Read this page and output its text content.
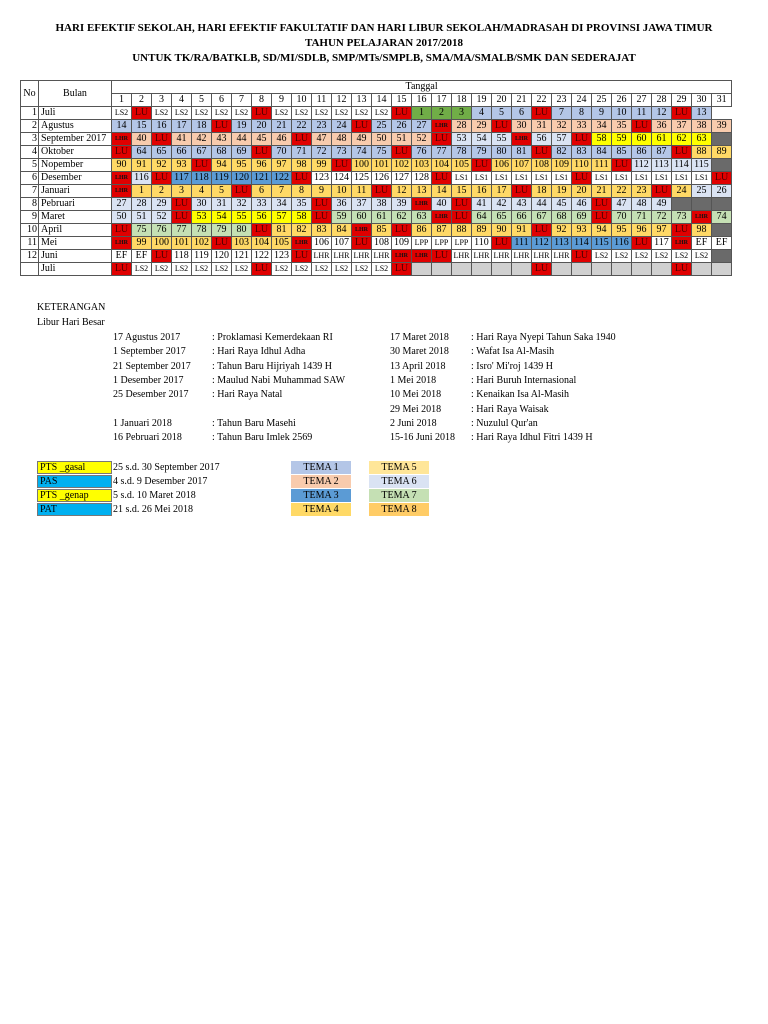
HARI EFEKTIF SEKOLAH, HARI EFEKTIF FAKULTATIF DAN HARI LIBUR SEKOLAH/MADRASAH DI PROVINSI JAWA TIMUR
TAHUN PELAJARAN 2017/2018
UNTUK TK/RA/BATKLB, SD/MI/SDLB, SMP/MTs/SMPLB, SMA/MA/SMALB/SMK DAN SEDERAJAT
No	Bulan	Tanggal																														
		1	2	3	4	5	6	7	8	9	10	11	12	13	14	15	16	17	18	19	20	21	22	23	24	25	26	27	28	29	30	31
1	Juli	LS2	LU	LS2	LS2	LS2	LS2	LS2	LU	LS2	LS2	LS2	LS2	LS2	LS2	LU	1	2	3	4	5	6	LU	7	8	9	10	11	12	LU	13	
2	Agustus	14	15	16	17	18	LU	19	20	21	22	23	24	LU	25	26	27	LHR	28	29	LU	30	31	32	33	34	35	LU	36	37	38	39
3	September 2017	LHR	40	LU	41	42	43	44	45	46	LU	47	48	49	50	51	52	LU	53	54	55	LHR	56	57	LU	58	59	60	61	62	63	
4	Oktober	LU	64	65	66	67	68	69	LU	70	71	72	73	74	75	LU	76	77	78	79	80	81	LU	82	83	84	85	86	87	LU	88	89
5	Nopember	90	91	92	93	LU	94	95	96	97	98	99	LU	100	101	102	103	104	105	LU	106	107	108	109	110	111	LU	112	113	114	115	
6	Desember	LHR	116	LU	117	118	119	120	121	122	LU	123	124	125	126	127	128	LU	LS1	LS1	LS1	LS1	LS1	LS1	LU	LS1	LS1	LS1	LS1	LS1	LS1	LU
7	Januari	LHR	1	2	3	4	5	LU	6	7	8	9	10	11	LU	12	13	14	15	16	17	LU	18	19	20	21	22	23	LU	24	25	26
8	Pebruari	27	28	29	LU	30	31	32	33	34	35	LU	36	37	38	39	LHR	40	LU	41	42	43	44	45	46	LU	47	48	49			
9	Maret	50	51	52	LU	53	54	55	56	57	58	LU	59	60	61	62	63	LHR	LU	64	65	66	67	68	69	LU	70	71	72	73	LHR	74
10	April	LU	75	76	77	78	79	80	LU	81	82	83	84	LHR	85	LU	86	87	88	89	90	91	LU	92	93	94	95	96	97	LU	98	
11	Mei	LHR	99	100	101	102	LU	103	104	105	LHR	106	107	LU	108	109	LPP	LPP	LPP	110	LU	111	112	113	114	115	116	LU	117	LHR	EF	EF
12	Juni	EF	EF	LU	118	119	120	121	122	123	LU	LHR	LHR	LHR	LHR	LHR	LHR	LU	LHR	LHR	LHR	LHR	LHR	LHR	LU	LS2	LS2	LS2	LS2	LS2	LS2	
	Juli	LU	LS2	LS2	LS2	LS2	LS2	LS2	LU	LS2	LS2	LS2	LS2	LS2	LS2	LU							LU							LU		
KETERANGAN
Libur Hari Besar
17 Agustus 2017	: Proklamasi Kemerdekaan RI
1 September 2017	: Hari Raya Idhul Adha
21 September 2017 : Tahun Baru Hijriyah 1439 H
1 Desember 2017	: Maulud Nabi Muhammad SAW
25 Desember 2017 : Hari Raya Natal
1 Januari 2018	: Tahun Baru Masehi
16 Pebruari 2018	: Tahun Baru Imlek 2569
17 Maret 2018 : Hari Raya Nyepi Tahun Saka 1940
30 Maret 2018 : Wafat Isa Al-Masih
13 April 2018	: Isro' Mi'roj 1439 H
1 Mei 2018	: Hari Buruh Internasional
10 Mei 2018	: Kenaikan Isa Al-Masih
29 Mei 2018	: Hari Raya Waisak
2 Juni 2018	: Nuzulul Qur'an
15-16 Juni 2018 : Hari Raya Idhul Fitri 1439 H
PTS _gasal	25 s.d. 30 September 2017
PAS	4 s.d. 9 Desember 2017
PTS _genap	5 s.d. 10 Maret 2018
PAT	21 s.d. 26 Mei 2018
TEMA 1
TEMA 2
TEMA 3
TEMA 4
TEMA 5
TEMA 6
TEMA 7
TEMA 8
